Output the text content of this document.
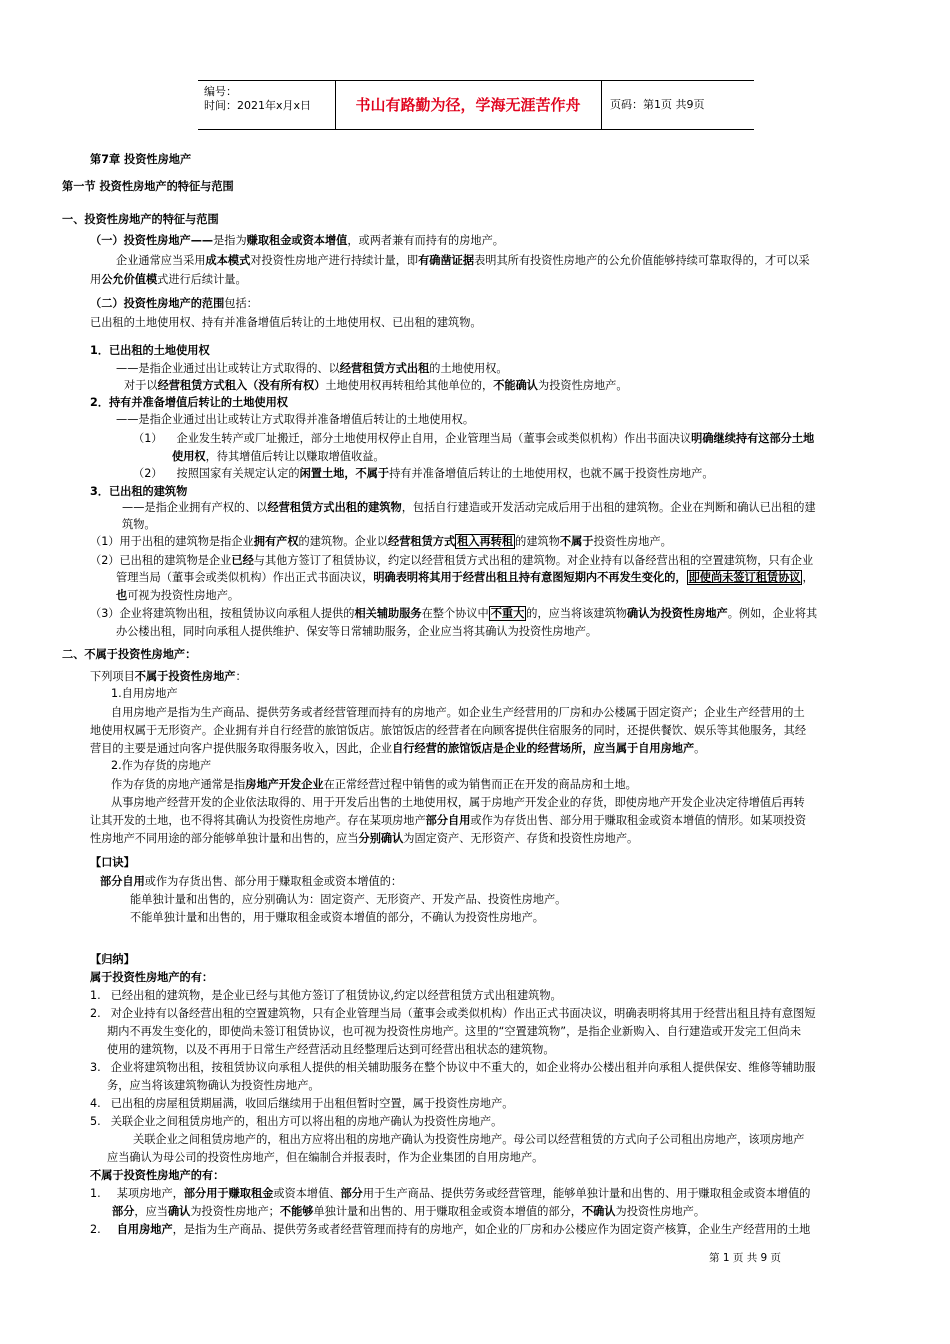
编号：
时间：2021年x月x日	书山有路勤为径，学海无涯苦作舟	页码：第1页 共9页
第7章 投资性房地产
第一节 投资性房地产的特征与范围
一、投资性房地产的特征与范围
（一）投资性房地产——是指为赚取租金或资本增值，或两者兼有而持有的房地产。
企业通常应当采用成本模式对投资性房地产进行持续计量，即有确凿证据表明其所有投资性房地产的公允价值能够持续可靠取得的，才可以采
用公允价值模式进行后续计量。
（二）投资性房地产的范围包括：
已出租的土地使用权、持有并准备增值后转让的土地使用权、已出租的建筑物。
1．已出租的土地使用权
——是指企业通过出让或转让方式取得的、以经营租赁方式出租的土地使用权。
对于以经营租赁方式租入（没有所有权）土地使用权再转租给其他单位的，不能确认为投资性房地产。
2．持有并准备增值后转让的土地使用权
——是指企业通过出让或转让方式取得并准备增值后转让的土地使用权。
（1） 企业发生转产或厂址搬迁，部分土地使用权停止自用，企业管理当局（董事会或类似机构）作出书面决议明确继续持有这部分土地
使用权，待其增值后转让以赚取增值收益。
（2） 按照国家有关规定认定的闲置土地，不属于持有并准备增值后转让的土地使用权，也就不属于投资性房地产。
3．已出租的建筑物
——是指企业拥有产权的、以经营租赁方式出租的建筑物，包括自行建造或开发活动完成后用于出租的建筑物。企业在判断和确认已出租的建
筑物。
（1）用于出租的建筑物是指企业拥有产权的建筑物。企业以经营租赁方式 租入再转租 的建筑物不属于投资性房地产。
（2）已出租的建筑物是企业已经与其他方签订了租赁协议，约定以经营租赁方式出租的建筑物。对企业持有以备经营出租的空置建筑物，只有企业
管理当局（董事会或类似机构）作出正式书面决议，明确表明将其用于经营出租且持有意图短期内不再发生变化的， 即使尚未签订租赁协议 ，
也可视为投资性房地产。
（3）企业将建筑物出租，按租赁协议向承租人提供的相关辅助服务在整个协议中 不重大 的，应当将该建筑物确认为投资性房地产。例如，企业将其
办公楼出租，同时向承租人提供维护、保安等日常辅助服务，企业应当将其确认为投资性房地产。
二、不属于投资性房地产：
下列项目不属于投资性房地产：
1.自用房地产
自用房地产是指为生产商品、提供劳务或者经营管理而持有的房地产。如企业生产经营用的厂房和办公楼属于固定资产；企业生产经营用的土
地使用权属于无形资产。企业拥有并自行经营的旅馆饭店。旅馆饭店的经营者在向顾客提供住宿服务的同时，还提供餐饮、娱乐等其他服务，其经
营目的主要是通过向客户提供服务取得服务收入，因此，企业自行经营的旅馆饭店是企业的经营场所，应当属于自用房地产。
2.作为存货的房地产
作为存货的房地产通常是指房地产开发企业在正常经营过程中销售的或为销售而正在开发的商品房和土地。
从事房地产经营开发的企业依法取得的、用于开发后出售的土地使用权，属于房地产开发企业的存货，即使房地产开发企业决定待增值后再转
让其开发的土地，也不得将其确认为投资性房地产。存在某项房地产部分自用或作为存货出售、部分用于赚取租金或资本增值的情形。如某项投资
性房地产不同用途的部分能够单独计量和出售的，应当分别确认为固定资产、无形资产、存货和投资性房地产。
【口诀】
部分自用或作为存货出售、部分用于赚取租金或资本增值的：
能单独计量和出售的，应分别确认为：固定资产、无形资产、开发产品、投资性房地产。
不能单独计量和出售的，用于赚取租金或资本增值的部分，不确认为投资性房地产。
【归纳】
属于投资性房地产的有：
1. 已经出租的建筑物，是企业已经与其他方签订了租赁协议,约定以经营租赁方式出租建筑物。
2. 对企业持有以备经营出租的空置建筑物，只有企业管理当局（董事会或类似机构）作出正式书面决议，明确表明将其用于经营出租且持有意图短
期内不再发生变化的，即使尚未签订租赁协议，也可视为投资性房地产。这里的“空置建筑物”，是指企业新购入、自行建造或开发完工但尚未
使用的建筑物，以及不再用于日常生产经营活动且经整理后达到可经营出租状态的建筑物。
3. 企业将建筑物出租，按租赁协议向承租人提供的相关辅助服务在整个协议中不重大的，如企业将办公楼出租并向承租人提供保安、维修等辅助服
务，应当将该建筑物确认为投资性房地产。
4. 已出租的房屋租赁期届满，收回后继续用于出租但暂时空置，属于投资性房地产。
5. 关联企业之间租赁房地产的，租出方可以将出租的房地产确认为投资性房地产。
关联企业之间租赁房地产的，租出方应将出租的房地产确认为投资性房地产。母公司以经营租赁的方式向子公司租出房地产，该项房地产
应当确认为母公司的投资性房地产，但在编制合并报表时，作为企业集团的自用房地产。
不属于投资性房地产的有：
1. 某项房地产，部分用于赚取租金或资本增值、部分用于生产商品、提供劳务或经营管理，能够单独计量和出售的、用于赚取租金或资本增值的
部分，应当确认为投资性房地产；不能够单独计量和出售的、用于赚取租金或资本增值的部分，不确认为投资性房地产。
2. 自用房地产，是指为生产商品、提供劳务或者经营管理而持有的房地产，如企业的厂房和办公楼应作为固定资产核算，企业生产经营用的土地
第 1 页 共 9 页
